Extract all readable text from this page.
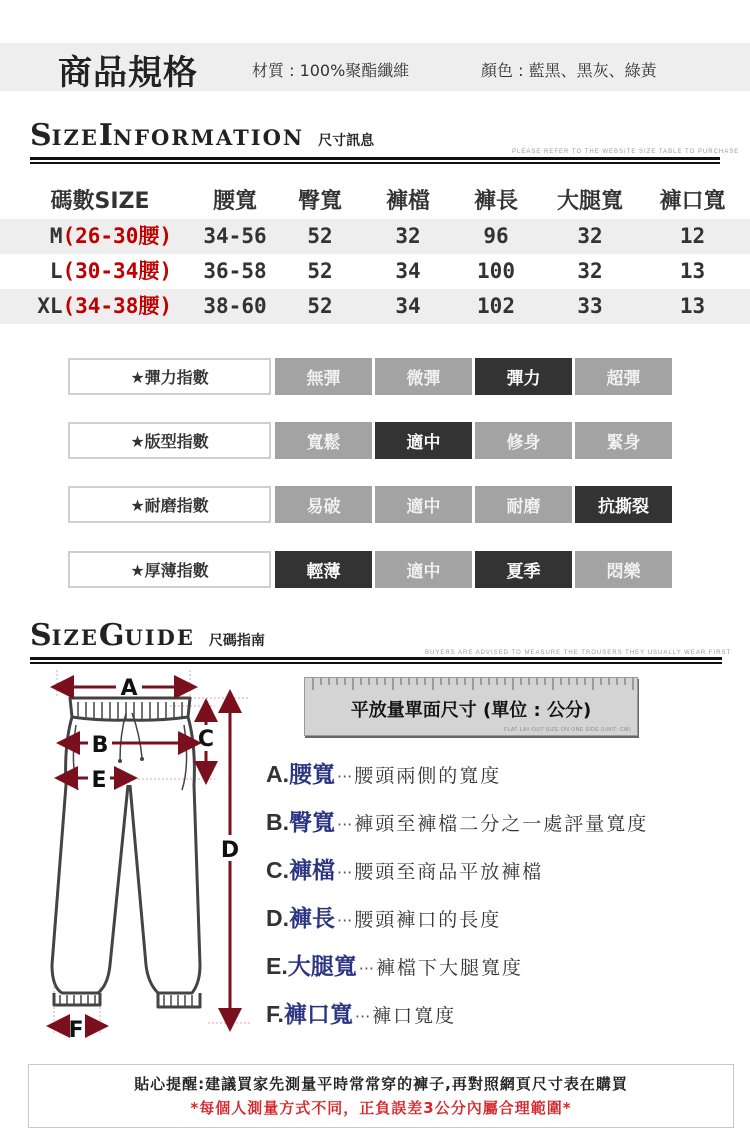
商品規格	材質 : 100%聚酯纖維	顏色 : 藍黑、黑灰、綠黃
S IZE I NFORMATION 尺寸訊息
PLEASE REFER TO THE WEBSITE SIZE TABLE TO PURCHASE
碼數SIZE	腰寬	臀寬	褲檔	褲長	大腿寬	褲口寬
M(26-30腰)	34-56	52	32	96	32	12
L(30-34腰)	36-58	52	34	100	32	13
XL(34-38腰)	38-60	52	34	102	33	13
★彈力指數	無彈	微彈	彈力	超彈
★版型指數	寬鬆	適中	修身	緊身
★耐磨指數	易破	適中	耐磨	抗撕裂
★厚薄指數	輕薄	適中	夏季	悶樂
S IZE G UIDE 尺碼指南
BUYERS ARE ADVISED TO MEASURE THE TROUSERS THEY USUALLY WEAR FIRST
A
B	C
D
E
F
平放量單面尺寸 (單位 : 公分)
FLAT LAY-OUT SIZE ON ONE SIDE (UNIT: CM)
A. 腰寬 ··· 腰頭兩側的寬度
B. 臀寬 ··· 褲頭至褲檔二分之一處評量寬度
C. 褲檔 ··· 腰頭至商品平放褲檔
D. 褲長 ··· 腰頭褲口的長度
E. 大腿寬 ··· 褲檔下大腿寬度
F. 褲口寬 ··· 褲口寬度
貼心提醒:建議買家先測量平時常常穿的褲子,再對照網頁尺寸表在購買
*每個人測量方式不同，正負誤差3公分內屬合理範圍*
